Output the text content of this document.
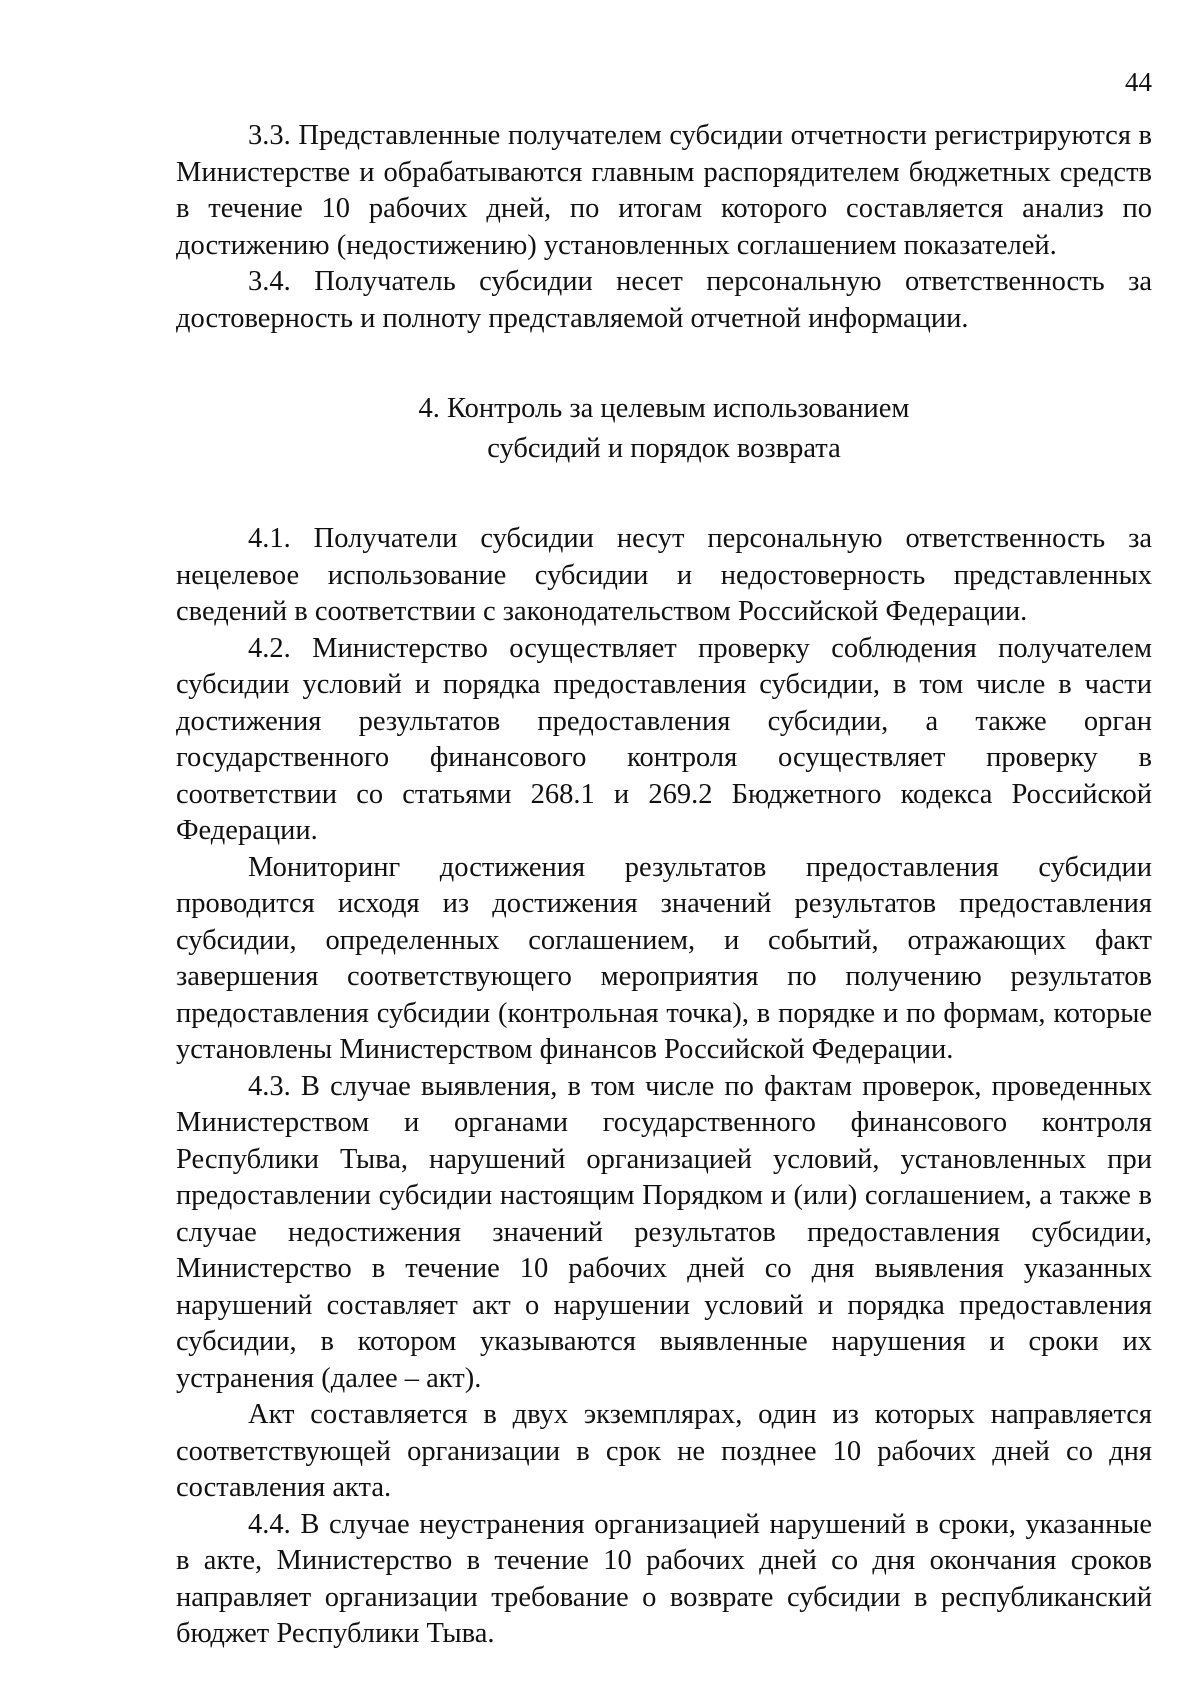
44

3.3. Представленные получателем субсидии отчетности регистрируются в Министерстве и обрабатываются главным распорядителем бюджетных средств в течение 10 рабочих дней, по итогам которого составляется анализ по достижению (недостижению) установленных соглашением показателей.

3.4. Получатель субсидии несет персональную ответственность за достоверность и полноту представляемой отчетной информации.

4. Контроль за целевым использованием
субсидий и порядок возврата

4.1. Получатели субсидии несут персональную ответственность за нецелевое использование субсидии и недостоверность представленных сведений в соответствии с законодательством Российской Федерации.

4.2. Министерство осуществляет проверку соблюдения получателем субсидии условий и порядка предоставления субсидии, в том числе в части достижения результатов предоставления субсидии, а также орган государственного финансового контроля осуществляет проверку в соответствии со статьями 268.1 и 269.2 Бюджетного кодекса Российской Федерации.

Мониторинг достижения результатов предоставления субсидии проводится исходя из достижения значений результатов предоставления субсидии, определенных соглашением, и событий, отражающих факт завершения соответствующего мероприятия по получению результатов предоставления субсидии (контрольная точка), в порядке и по формам, которые установлены Министерством финансов Российской Федерации.

4.3. В случае выявления, в том числе по фактам проверок, проведенных Министерством и органами государственного финансового контроля Республики Тыва, нарушений организацией условий, установленных при предоставлении субсидии настоящим Порядком и (или) соглашением, а также в случае недостижения значений результатов предоставления субсидии, Министерство в течение 10 рабочих дней со дня выявления указанных нарушений составляет акт о нарушении условий и порядка предоставления субсидии, в котором указываются выявленные нарушения и сроки их устранения (далее – акт).

Акт составляется в двух экземплярах, один из которых направляется соответствующей организации в срок не позднее 10 рабочих дней со дня составления акта.

4.4. В случае неустранения организацией нарушений в сроки, указанные в акте, Министерство в течение 10 рабочих дней со дня окончания сроков направляет организации требование о возврате субсидии в республиканский бюджет Республики Тыва.
